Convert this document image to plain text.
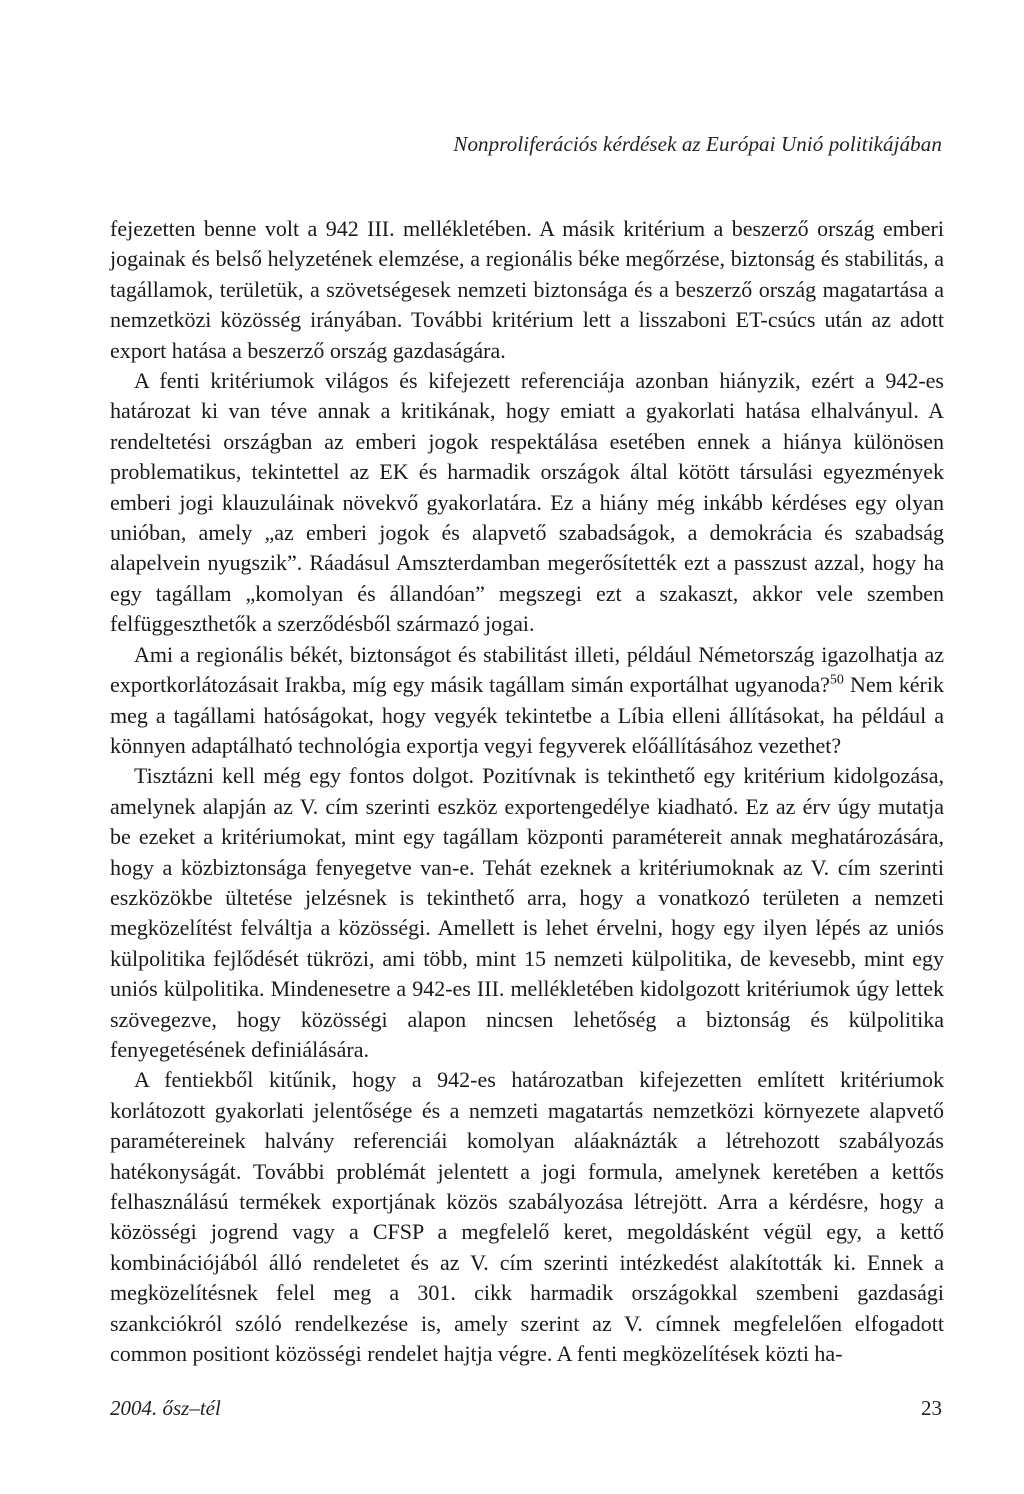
Nonproliferációs kérdések az Európai Unió politikájában

fejezetten benne volt a 942 III. mellékletében. A másik kritérium a beszerző ország emberi jogainak és belső helyzetének elemzése, a regionális béke megőrzése, biztonság és stabilitás, a tagállamok, területük, a szövetségesek nemzeti biztonsága és a beszerző ország magatartása a nemzetközi közösség irányában. További kritérium lett a lisszaboni ET-csúcs után az adott export hatása a beszerző ország gazdaságára.

A fenti kritériumok világos és kifejezett referenciája azonban hiányzik, ezért a 942-es határozat ki van téve annak a kritikának, hogy emiatt a gyakorlati hatása elhalványul. A rendeltetési országban az emberi jogok respektálása esetében ennek a hiánya különösen problematikus, tekintettel az EK és harmadik országok által kötött társulási egyezmények emberi jogi klauzuláinak növekvő gyakorlatára. Ez a hiány még inkább kérdéses egy olyan unióban, amely „az emberi jogok és alapvető szabadságok, a demokrácia és szabadság alapelvein nyugszik”. Ráadásul Amszterdamban megerősítették ezt a passzust azzal, hogy ha egy tagállam „komolyan és állandóan” megszegi ezt a szakaszt, akkor vele szemben felfüggeszthetők a szerződésből származó jogai.

Ami a regionális békét, biztonságot és stabilitást illeti, például Németország igazolhatja az exportkorlátozásait Irakba, míg egy másik tagállam simán exportálhat ugyanoda?$^{50}$ Nem kérik meg a tagállami hatóságokat, hogy vegyék tekintetbe a Líbia elleni állításokat, ha például a könnyen adaptálható technológia exportja vegyi fegyverek előállításához vezethet?

Tisztázni kell még egy fontos dolgot. Pozitívnak is tekinthető egy kritérium kidolgozása, amelynek alapján az V. cím szerinti eszköz exportengedélye kiadható. Ez az érv úgy mutatja be ezeket a kritériumokat, mint egy tagállam központi paramétereit annak meghatározására, hogy a közbiztonsága fenyegetve van-e. Tehát ezeknek a kritériumoknak az V. cím szerinti eszközökbe ültetése jelzésnek is tekinthető arra, hogy a vonatkozó területen a nemzeti megközelítést felváltja a közösségi. Amellett is lehet érvelni, hogy egy ilyen lépés az uniós külpolitika fejlődését tükrözi, ami több, mint 15 nemzeti külpolitika, de kevesebb, mint egy uniós külpolitika. Mindenesetre a 942-es III. mellékletében kidolgozott kritériumok úgy lettek szövegezve, hogy közösségi alapon nincsen lehetőség a biztonság és külpolitika fenyegetésének definiálására.

A fentiekből kitűnik, hogy a 942-es határozatban kifejezetten említett kritériumok korlátozott gyakorlati jelentősége és a nemzeti magatartás nemzetközi környezete alapvető paramétereinek halvány referenciái komolyan aláaknázták a létrehozott szabályozás hatékonyságát. További problémát jelentett a jogi formula, amelynek keretében a kettős felhasználású termékek exportjának közös szabályozása létrejött. Arra a kérdésre, hogy a közösségi jogrend vagy a CFSP a megfelelő keret, megoldásként végül egy, a kettő kombinációjából álló rendeletet és az V. cím szerinti intézkedést alakították ki. Ennek a megközelítésnek felel meg a 301. cikk harmadik országokkal szembeni gazdasági szankciókról szóló rendelkezése is, amely szerint az V. címnek megfelelően elfogadott common positiont közösségi rendelet hajtja végre. A fenti megközelítések közti ha-

2004. ősz–tél	23
